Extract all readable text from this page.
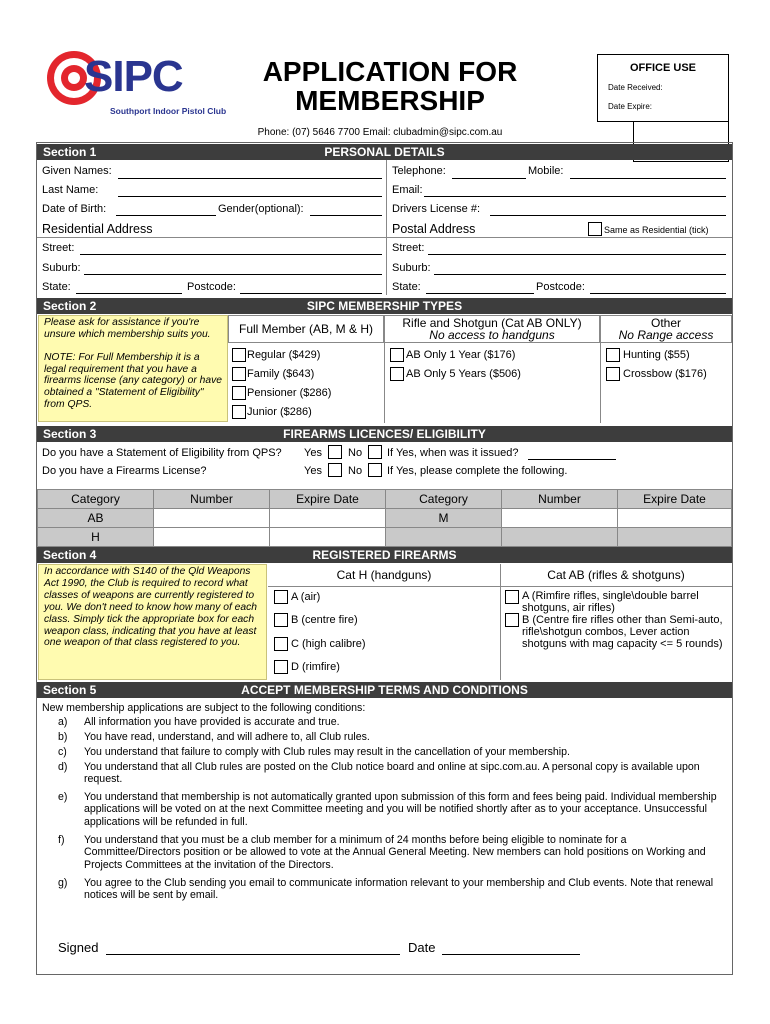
SIPC
Southport Indoor Pistol Club
APPLICATION FOR
MEMBERSHIP
Phone: (07) 5646 7700 Email: clubadmin@sipc.com.au
OFFICE USE
Date Received:
Date Expire:
Section 1	PERSONAL DETAILS
Given Names:
Last Name:
Date of Birth:	Gender(optional):
Telephone:	Mobile:
Email:
Drivers License #:
Residential Address	Postal Address	Same as Residential (tick)
Street:
Suburb:
State:	Postcode:
Street:
Suburb:
State:	Postcode:
Section 2	SIPC MEMBERSHIP TYPES
Please ask for assistance if you're unsure which membership suits you.
NOTE: For Full Membership it is a legal requirement that you have a firearms license (any category) or have obtained a "Statement of Eligibility" from QPS.
Full Member (AB, M & H)	Rifle and Shotgun (Cat AB ONLY)
No access to handguns
Other
No Range access
Regular ($429)
Family ($643)
Pensioner ($286)
Junior ($286)
AB Only 1 Year ($176)
AB Only 5 Years ($506)
Hunting ($55)
Crossbow ($176)
Section 3	FIREARMS LICENCES/ ELIGIBILITY
Do you have a Statement of Eligibility from QPS? Yes No If Yes, when was it issued?
Do you have a Firearms License?	Yes No If Yes, please complete the following.
Category	Number	Expire Date	Category	Number	Expire Date
AB			M		
H					
Section 4	REGISTERED FIREARMS
In accordance with S140 of the Qld Weapons Act 1990, the Club is required to record what classes of weapons are currently registered to you. We don't need to know how many of each class. Simply tick the appropriate box for each weapon class, indicating that you have at least one weapon of that class registered to you.
Cat H (handguns)	Cat AB (rifles & shotguns)
A (air)
B (centre fire)
C (high calibre)
D (rimfire)
A (Rimfire rifles, single\double barrel shotguns, air rifles)
B (Centre fire rifles other than Semi-auto, rifle\shotgun combos, Lever action shotguns with mag capacity <= 5 rounds)
Section 5	ACCEPT MEMBERSHIP TERMS AND CONDITIONS
New membership applications are subject to the following conditions:
a) All information you have provided is accurate and true.
b) You have read, understand, and will adhere to, all Club rules.
c) You understand that failure to comply with Club rules may result in the cancellation of your membership.
d) You understand that all Club rules are posted on the Club notice board and online at sipc.com.au. A personal copy is available upon request.
e) You understand that membership is not automatically granted upon submission of this form and fees being paid. Individual membership applications will be voted on at the next Committee meeting and you will be notified shortly after as to your acceptance. Unsuccessful applications will be refunded in full.
f) You understand that you must be a club member for a minimum of 24 months before being eligible to nominate for a Committee/Directors position or be allowed to vote at the Annual General Meeting. New members can hold positions on Working and Projects Committees at the invitation of the Directors.
g) You agree to the Club sending you email to communicate information relevant to your membership and Club events. Note that renewal notices will be sent by email.
Signed	Date
